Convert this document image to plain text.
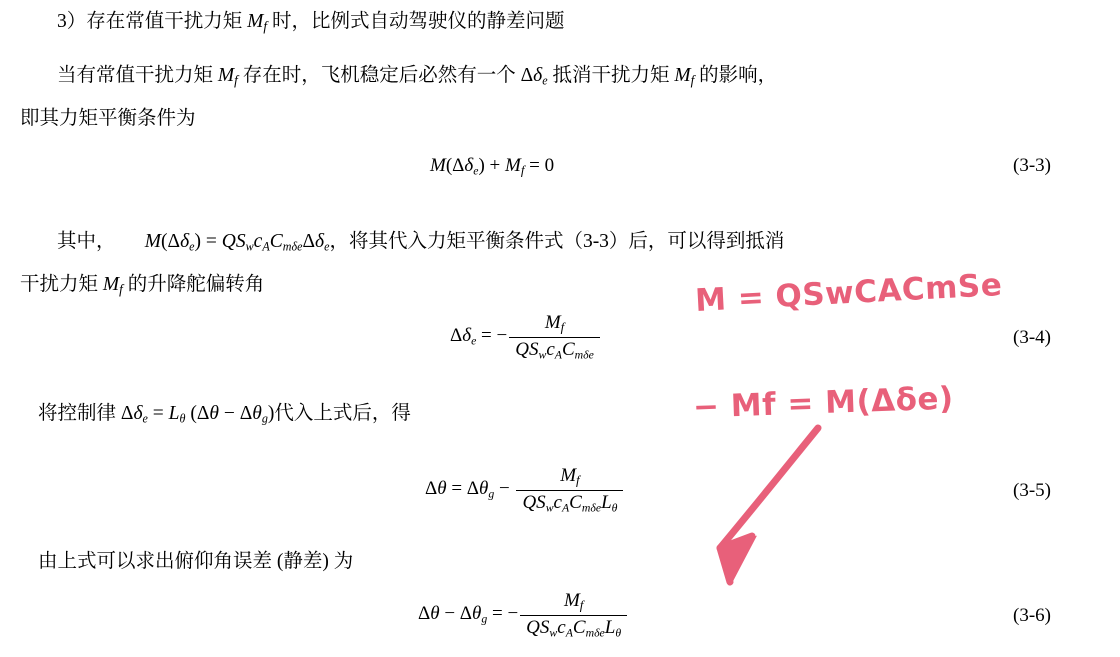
3）存在常值干扰力矩 $M_f$ 时，比例式自动驾驶仪的静差问题
当有常值干扰力矩 $M_f$ 存在时，飞机稳定后必然有一个 Δδe 抵消干扰力矩 $M_f$ 的影响，
即其力矩平衡条件为
$M(\Delta\delta e) + M_f = 0$	(3-3)
其中，      M(Δδe) = QSwcACmδeΔδe，将其代入力矩平衡条件式（3-3）后，可以得到抵消
干扰力矩 $M_f$ 的升降舵偏转角
Δδe = − $\frac{M_f}{\text{QSwcACmδe}}$	(3-4)
将控制律 Δδe = Lθ (Δθ − Δθg)代入上式后，得
$\Delta\theta = \Delta\theta g - \frac{M_f}{\text{QSwcACmδeLθ}}$	(3-5)
由上式可以求出俯仰角误差 (静差) 为
Δθ − Δθg = − $\frac{M_f}{\text{QSwcACmδeLθ}}$	(3-6)
M = QSwCACmSe
− Mf = M(Δδe)
